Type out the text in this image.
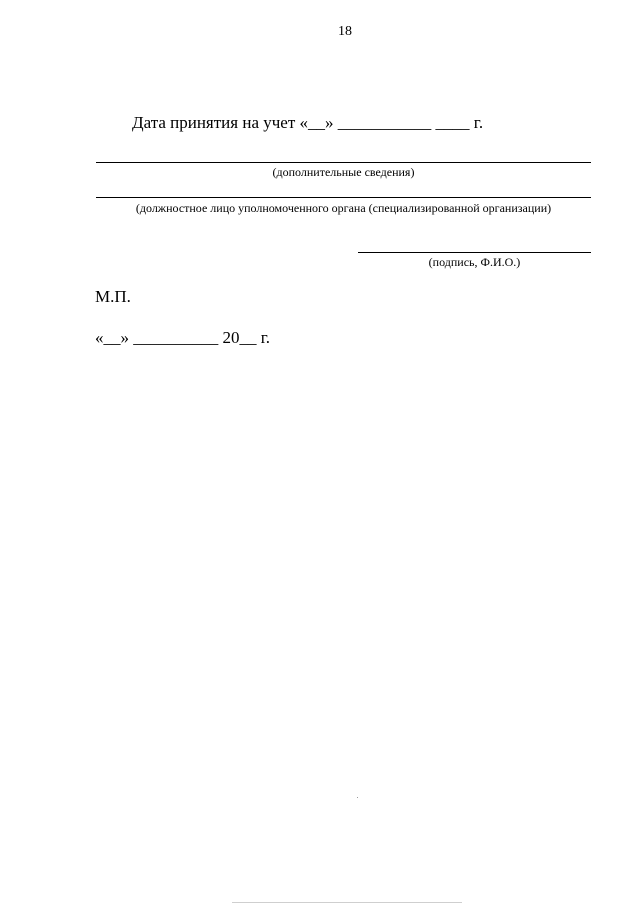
18
Дата принятия на учет «__» ___________ ____ г.
(дополнительные сведения)
(должностное лицо уполномоченного органа (специализированной организации)
(подпись, Ф.И.О.)
М.П.
«__» __________ 20__ г.
